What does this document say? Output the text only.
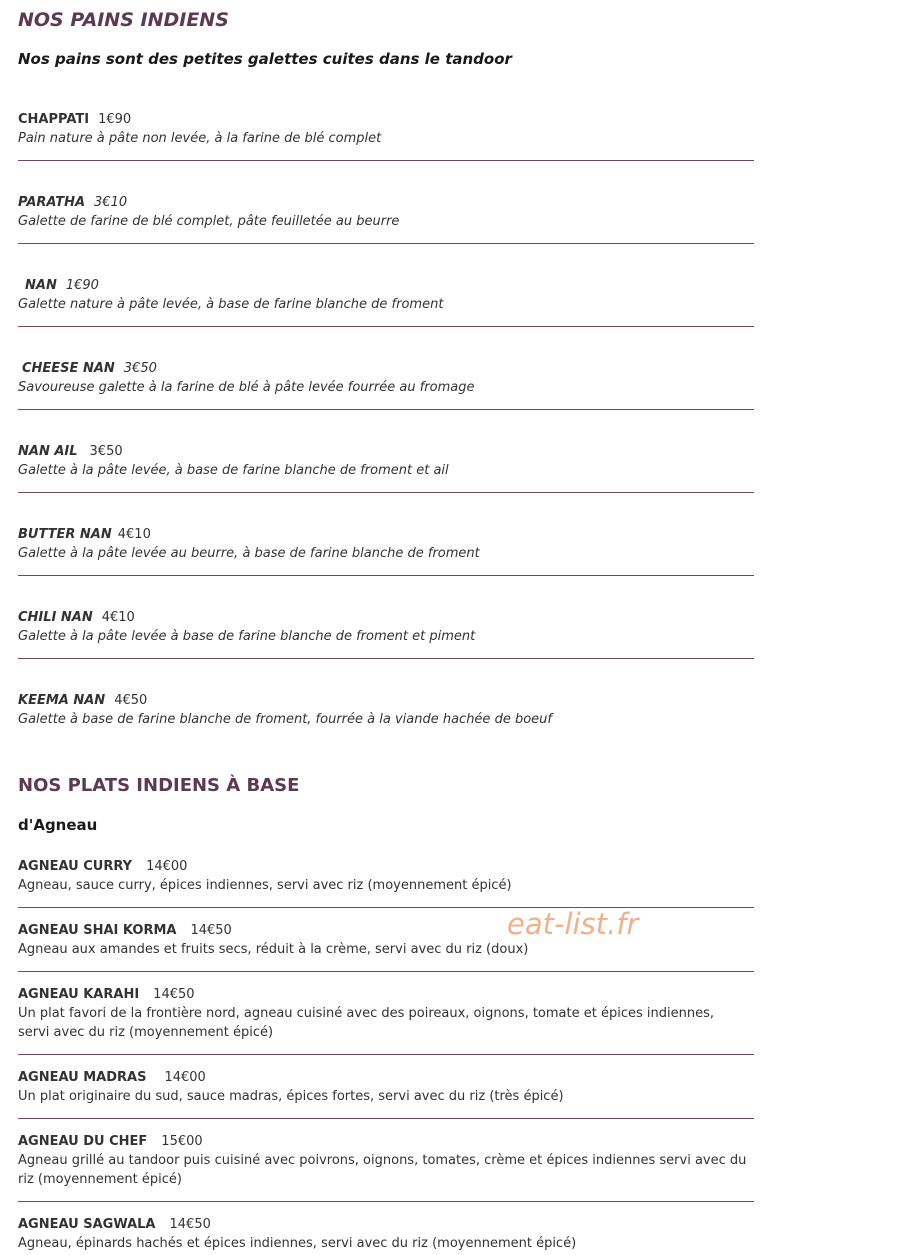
NOS PAINS INDIENS
Nos pains sont des petites galettes cuites dans le tandoor
CHAPPATI 1€90
Pain nature à pâte non levée, à la farine de blé complet
PARATHA 3€10
Galette de farine de blé complet, pâte feuilletée au beurre
NAN 1€90
Galette nature à pâte levée, à base de farine blanche de froment
CHEESE NAN 3€50
Savoureuse galette à la farine de blé à pâte levée fourrée au fromage
NAN AIL 3€50
Galette à la pâte levée, à base de farine blanche de froment et ail
BUTTER NAN 4€10
Galette à la pâte levée au beurre, à base de farine blanche de froment
CHILI NAN 4€10
Galette à la pâte levée à base de farine blanche de froment et piment
KEEMA NAN 4€50
Galette à base de farine blanche de froment, fourrée à la viande hachée de boeuf
NOS PLATS INDIENS À BASE
d'Agneau
AGNEAU CURRY 14€00
Agneau, sauce curry, épices indiennes, servi avec riz (moyennement épicé)
AGNEAU SHAI KORMA 14€50
Agneau aux amandes et fruits secs, réduit à la crème, servi avec du riz (doux)
AGNEAU KARAHI 14€50
Un plat favori de la frontière nord, agneau cuisiné avec des poireaux, oignons, tomate et épices indiennes, servi avec du riz (moyennement épicé)
AGNEAU MADRAS 14€00
Un plat originaire du sud, sauce madras, épices fortes, servi avec du riz (très épicé)
AGNEAU DU CHEF 15€00
Agneau grillé au tandoor puis cuisiné avec poivrons, oignons, tomates, crème et épices indiennes servi avec du riz (moyennement épicé)
AGNEAU SAGWALA 14€50
Agneau, épinards hachés et épices indiennes, servi avec du riz (moyennement épicé)
eat-list.fr
